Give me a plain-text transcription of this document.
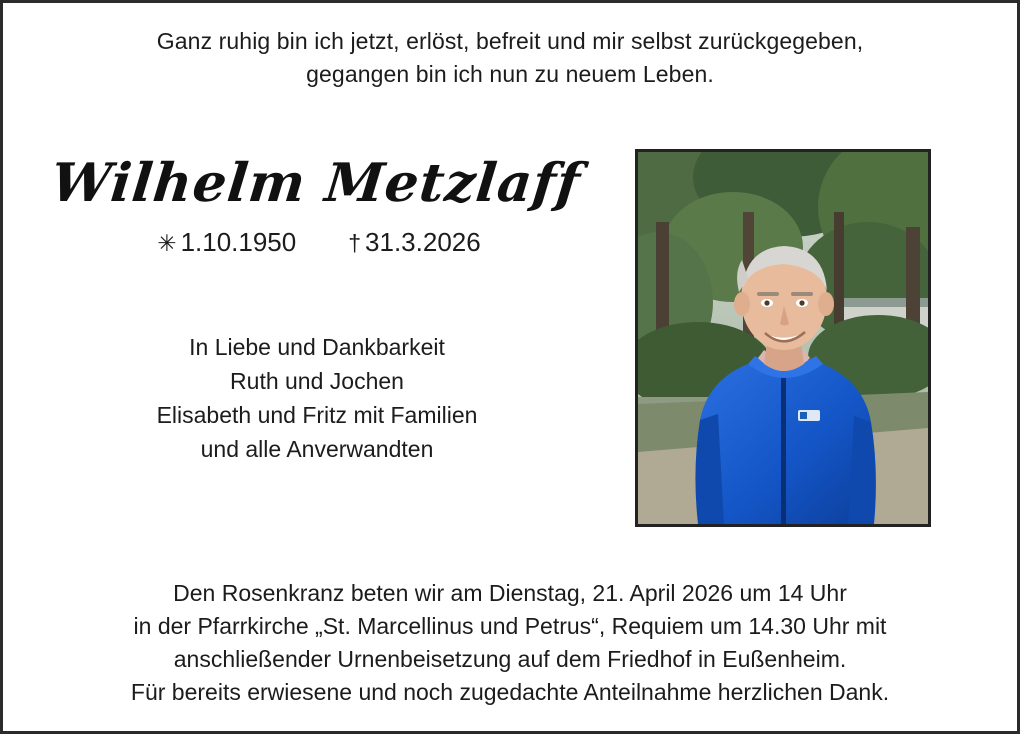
Ganz ruhig bin ich jetzt, erlöst, befreit und mir selbst zurückgegeben,
gegangen bin ich nun zu neuem Leben.
Wilhelm Metzlaff
✳ 1.10.1950 † 31.3.2026
In Liebe und Dankbarkeit
Ruth und Jochen
Elisabeth und Fritz mit Familien
und alle Anverwandten
Den Rosenkranz beten wir am Dienstag, 21. April 2026 um 14 Uhr
in der Pfarrkirche „St. Marcellinus und Petrus“, Requiem um 14.30 Uhr mit
anschließender Urnenbeisetzung auf dem Friedhof in Eußenheim.
Für bereits erwiesene und noch zugedachte Anteilnahme herzlichen Dank.
